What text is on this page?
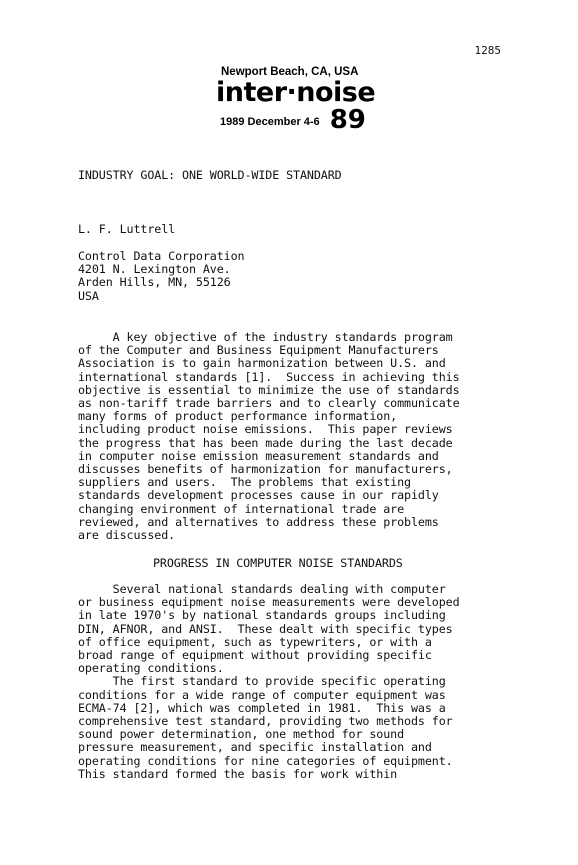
1285
Newport Beach, CA, USA
inter·noise
1989 December 4-6 89
INDUSTRY GOAL: ONE WORLD-WIDE STANDARD
L. F. Luttrell
Control Data Corporation
4201 N. Lexington Ave.
Arden Hills, MN, 55126
USA
A key objective of the industry standards program
of the Computer and Business Equipment Manufacturers
Association is to gain harmonization between U.S. and
international standards [1].  Success in achieving this
objective is essential to minimize the use of standards
as non-tariff trade barriers and to clearly communicate
many forms of product performance information,
including product noise emissions.  This paper reviews
the progress that has been made during the last decade
in computer noise emission measurement standards and
discusses benefits of harmonization for manufacturers,
suppliers and users.  The problems that existing
standards development processes cause in our rapidly
changing environment of international trade are
reviewed, and alternatives to address these problems
are discussed.
PROGRESS IN COMPUTER NOISE STANDARDS
Several national standards dealing with computer
or business equipment noise measurements were developed
in late 1970's by national standards groups including
DIN, AFNOR, and ANSI.  These dealt with specific types
of office equipment, such as typewriters, or with a
broad range of equipment without providing specific
operating conditions.
The first standard to provide specific operating
conditions for a wide range of computer equipment was
ECMA-74 [2], which was completed in 1981.  This was a
comprehensive test standard, providing two methods for
sound power determination, one method for sound
pressure measurement, and specific installation and
operating conditions for nine categories of equipment.
This standard formed the basis for work within
